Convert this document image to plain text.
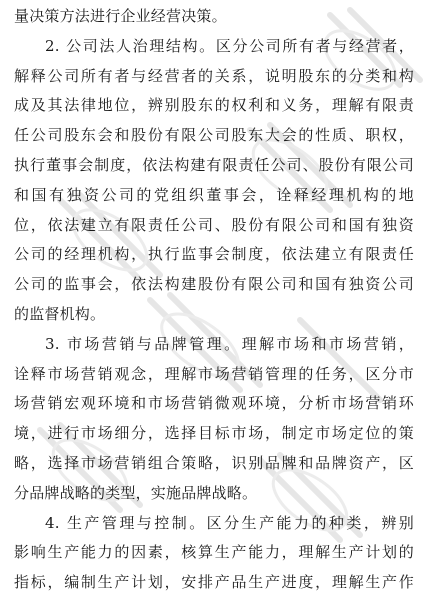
量决策方法进行企业经营决策。
2. 公司法人治理结构。区分公司所有者与经营者，
解释公司所有者与经营者的关系，说明股东的分类和构
成及其法律地位，辨别股东的权利和义务，理解有限责
任公司股东会和股份有限公司股东大会的性质、职权，
执行董事会制度，依法构建有限责任公司、股份有限公司
和国有独资公司的党组织董事会，诠释经理机构的地
位，依法建立有限责任公司、股份有限公司和国有独资
公司的经理机构，执行监事会制度，依法建立有限责任
公司的监事会，依法构建股份有限公司和国有独资公司
的监督机构。
3. 市场营销与品牌管理。理解市场和市场营销，
诠释市场营销观念，理解市场营销管理的任务，区分市
场营销宏观环境和市场营销微观环境，分析市场营销环
境，进行市场细分，选择目标市场，制定市场定位的策
略，选择市场营销组合策略，识别品牌和品牌资产，区
分品牌战略的类型，实施品牌战略。
4. 生产管理与控制。区分生产能力的种类，辨别
影响生产能力的因素，核算生产能力，理解生产计划的
指标，编制生产计划，安排产品生产进度，理解生产作
